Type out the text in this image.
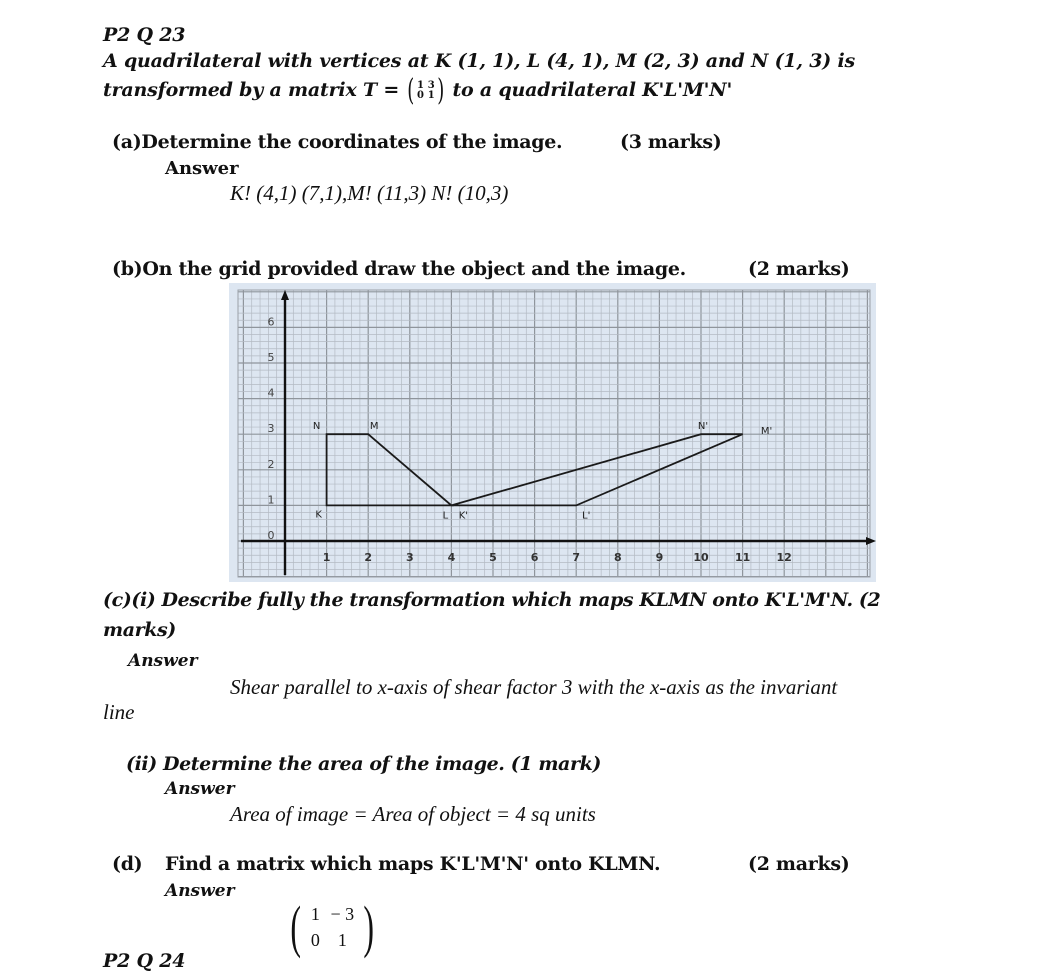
P2 Q 23
A quadrilateral with vertices at K (1, 1), L (4, 1), M (2, 3) and N (1, 3) is
transformed by a matrix T = ( 1 3
0 1 ) to a quadrilateral K'L'M'N'
(a)Determine the coordinates of the image.	(3 marks)
Answer
K! (4,1) (7,1),M! (11,3) N! (10,3)
(b)On the grid provided draw the object and the image.	(2 marks)
1	2	3	4	5	6	7	8	9	10 11 12
0
1
2
3
4
5
6
K	L
M
N
K'	L'
M'
N'
(c)(i) Describe fully the transformation which maps KLMN onto K'L'M'N. (2
marks)
Answer
Shear parallel to x-axis of shear factor 3 with the x-axis as the invariant
line
(ii) Determine the area of the image. (1 mark)
Answer
Area of image = Area of object = 4 sq units
(d) Find a matrix which maps K'L'M'N' onto KLMN.	(2 marks)
Answer
( 1 − 3
0	1 )
P2 Q 24
